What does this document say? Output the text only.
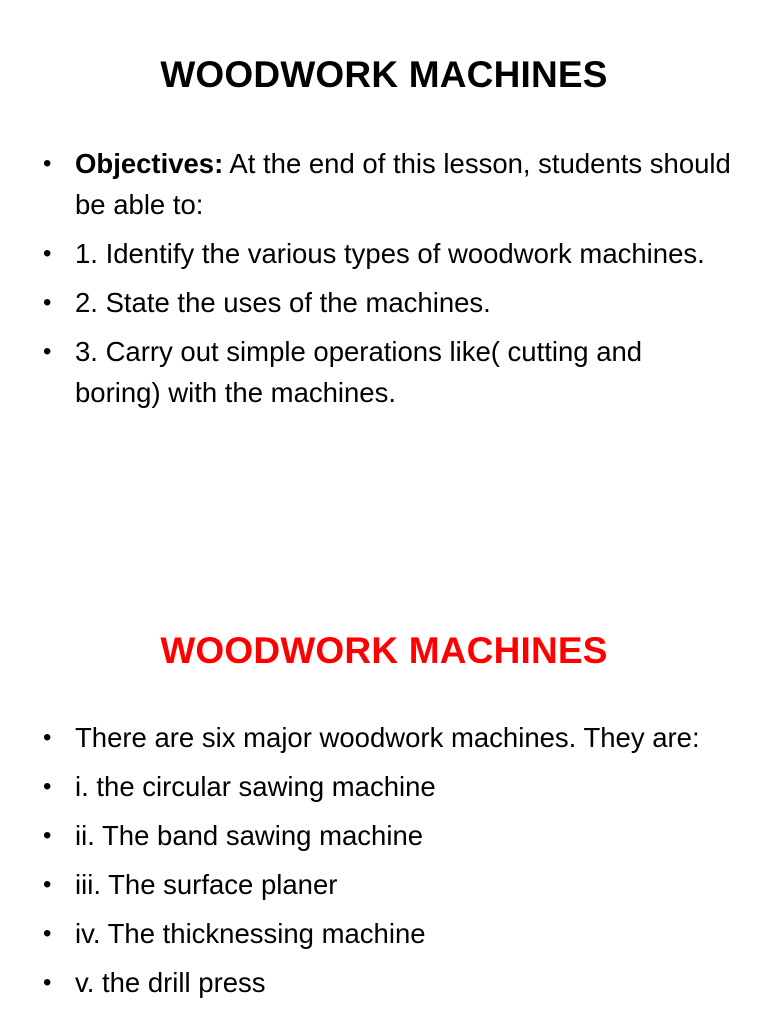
WOODWORK MACHINES
• Objectives: At the end of this lesson, students should be able to:
• 1. Identify the various types of woodwork machines.
• 2. State the uses of the machines.
• 3. Carry out simple operations like( cutting and boring) with the machines.
WOODWORK MACHINES
• There are six major woodwork machines. They are:
• i. the circular sawing machine
• ii. The band sawing machine
• iii. The surface planer
• iv. The thicknessing machine
• v. the drill press
